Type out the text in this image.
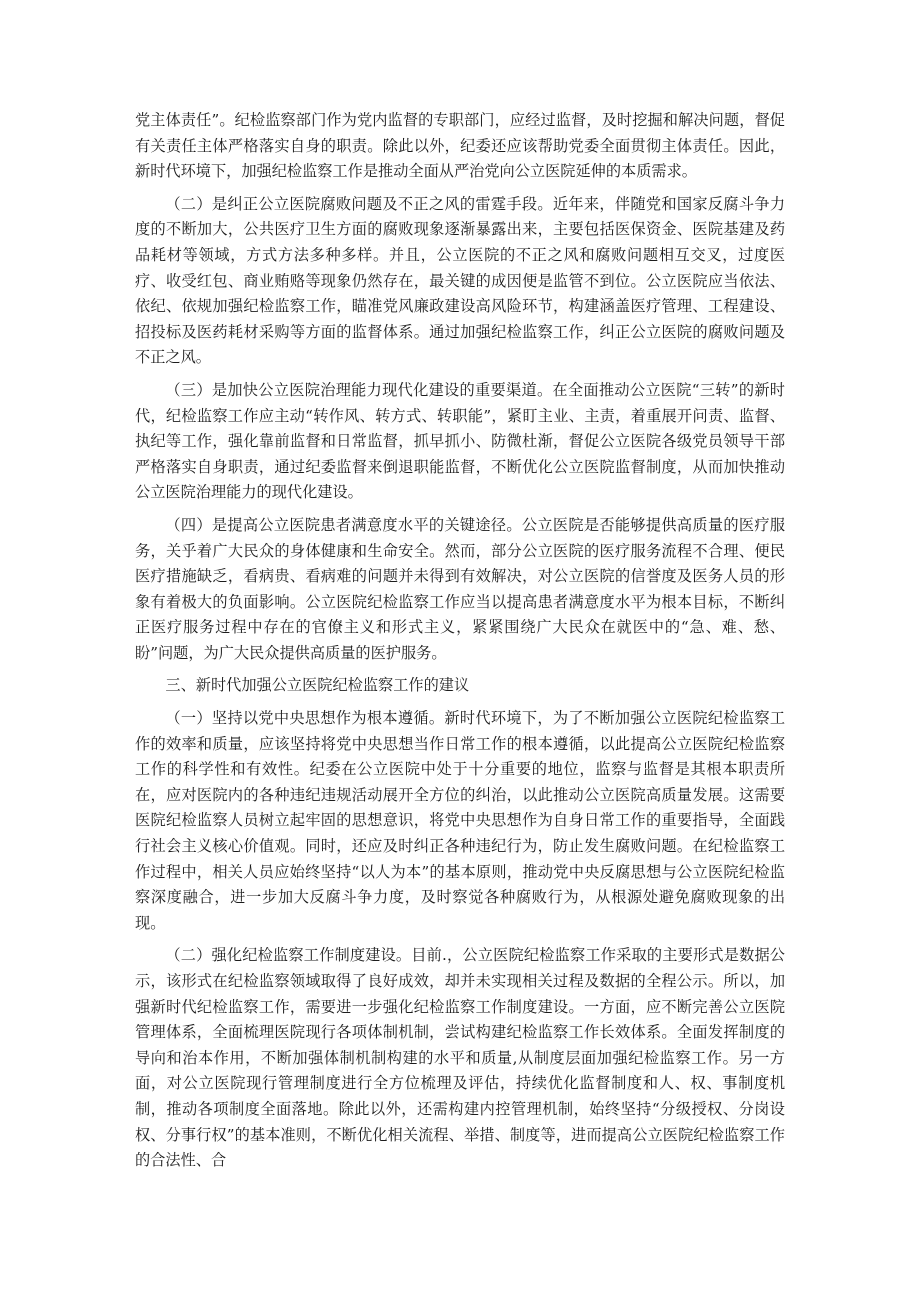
党主体责任”。纪检监察部门作为党内监督的专职部门，应经过监督，及时挖掘和解决问题，督促有关责任主体严格落实自身的职责。除此以外，纪委还应该帮助党委全面贯彻主体责任。因此，新时代环境下，加强纪检监察工作是推动全面从严治党向公立医院延伸的本质需求。

（二）是纠正公立医院腐败问题及不正之风的雷霆手段。近年来，伴随党和国家反腐斗争力度的不断加大，公共医疗卫生方面的腐败现象逐渐暴露出来，主要包括医保资金、医院基建及药品耗材等领域，方式方法多种多样。并且，公立医院的不正之风和腐败问题相互交叉，过度医疗、收受红包、商业贿赂等现象仍然存在，最关键的成因便是监管不到位。公立医院应当依法、依纪、依规加强纪检监察工作，瞄准党风廉政建设高风险环节，构建涵盖医疗管理、工程建设、招投标及医药耗材采购等方面的监督体系。通过加强纪检监察工作，纠正公立医院的腐败问题及不正之风。

（三）是加快公立医院治理能力现代化建设的重要渠道。在全面推动公立医院“三转”的新时代，纪检监察工作应主动“转作风、转方式、转职能”，紧盯主业、主责，着重展开问责、监督、执纪等工作，强化靠前监督和日常监督，抓早抓小、防微杜渐，督促公立医院各级党员领导干部严格落实自身职责，通过纪委监督来倒退职能监督，不断优化公立医院监督制度，从而加快推动公立医院治理能力的现代化建设。

（四）是提高公立医院患者满意度水平的关键途径。公立医院是否能够提供高质量的医疗服务，关乎着广大民众的身体健康和生命安全。然而，部分公立医院的医疗服务流程不合理、便民医疗措施缺乏，看病贵、看病难的问题并未得到有效解决，对公立医院的信誉度及医务人员的形象有着极大的负面影响。公立医院纪检监察工作应当以提高患者满意度水平为根本目标，不断纠正医疗服务过程中存在的官僚主义和形式主义，紧紧围绕广大民众在就医中的“急、难、愁、盼”问题，为广大民众提供高质量的医护服务。

三、新时代加强公立医院纪检监察工作的建议

（一）坚持以党中央思想作为根本遵循。新时代环境下，为了不断加强公立医院纪检监察工作的效率和质量，应该坚持将党中央思想当作日常工作的根本遵循，以此提高公立医院纪检监察工作的科学性和有效性。纪委在公立医院中处于十分重要的地位，监察与监督是其根本职责所在，应对医院内的各种违纪违规活动展开全方位的纠治，以此推动公立医院高质量发展。这需要医院纪检监察人员树立起牢固的思想意识，将党中央思想作为自身日常工作的重要指导，全面践行社会主义核心价值观。同时，还应及时纠正各种违纪行为，防止发生腐败问题。在纪检监察工作过程中，相关人员应始终坚持“以人为本”的基本原则，推动党中央反腐思想与公立医院纪检监察深度融合，进一步加大反腐斗争力度，及时察觉各种腐败行为，从根源处避免腐败现象的出现。

（二）强化纪检监察工作制度建设。目前.，公立医院纪检监察工作采取的主要形式是数据公示，该形式在纪检监察领域取得了良好成效，却并未实现相关过程及数据的全程公示。所以，加强新时代纪检监察工作，需要进一步强化纪检监察工作制度建设。一方面，应不断完善公立医院管理体系，全面梳理医院现行各项体制机制，尝试构建纪检监察工作长效体系。全面发挥制度的导向和治本作用，不断加强体制机制构建的水平和质量,从制度层面加强纪检监察工作。另一方面，对公立医院现行管理制度进行全方位梳理及评估，持续优化监督制度和人、权、事制度机制，推动各项制度全面落地。除此以外，还需构建内控管理机制，始终坚持“分级授权、分岗设权、分事行权”的基本准则，不断优化相关流程、举措、制度等，进而提高公立医院纪检监察工作的合法性、合
